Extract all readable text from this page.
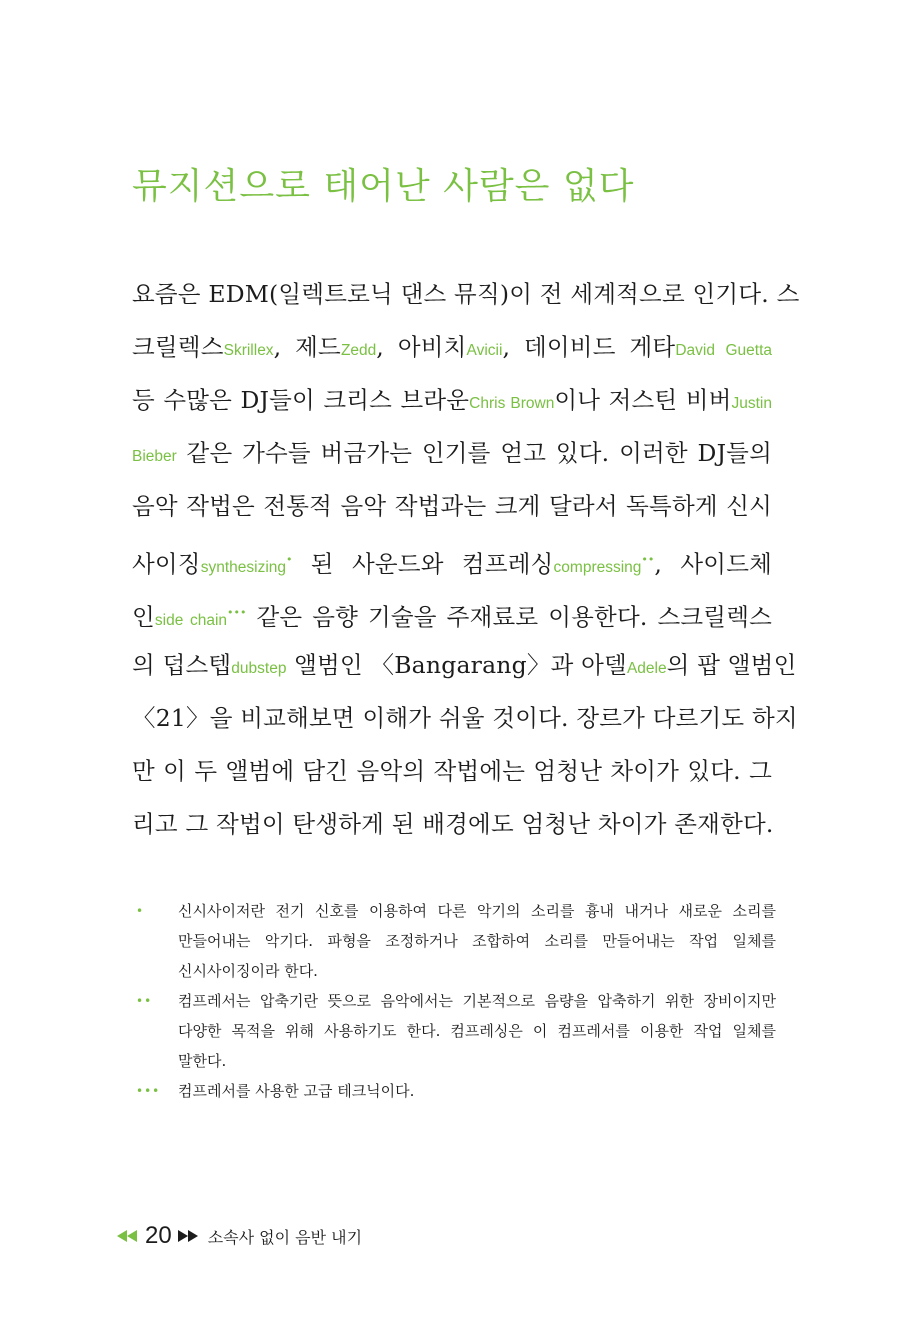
뮤지션으로 태어난 사람은 없다
요즘은 EDM(일렉트로닉 댄스 뮤직)이 전 세계적으로 인기다. 스
크릴렉스Skrillex, 제드Zedd, 아비치Avicii, 데이비드 게타David Guetta
등 수많은 DJ들이 크리스 브라운Chris Brown이나 저스틴 비버Justin
Bieber 같은 가수들 버금가는 인기를 얻고 있다. 이러한 DJ들의
음악 작법은 전통적 음악 작법과는 크게 달라서 독특하게 신시
사이징synthesizing• 된 사운드와 컴프레싱compressing••, 사이드체
인side chain••• 같은 음향 기술을 주재료로 이용한다. 스크릴렉스
의 덥스텝dubstep 앨범인 〈Bangarang〉과 아델Adele의 팝 앨범인
〈21〉을 비교해보면 이해가 쉬울 것이다. 장르가 다르기도 하지
만 이 두 앨범에 담긴 음악의 작법에는 엄청난 차이가 있다. 그
리고 그 작법이 탄생하게 된 배경에도 엄청난 차이가 존재한다.
•	신시사이저란 전기 신호를 이용하여 다른 악기의 소리를 흉내 내거나 새로운 소리를 만들어내는 악기다. 파형을 조정하거나 조합하여 소리를 만들어내는 작업 일체를 신시사이징이라 한다.
••	컴프레서는 압축기란 뜻으로 음악에서는 기본적으로 음량을 압축하기 위한 장비이지만 다양한 목적을 위해 사용하기도 한다. 컴프레싱은 이 컴프레서를 이용한 작업 일체를 말한다.
•••	컴프레서를 사용한 고급 테크닉이다.
20 소속사 없이 음반 내기
